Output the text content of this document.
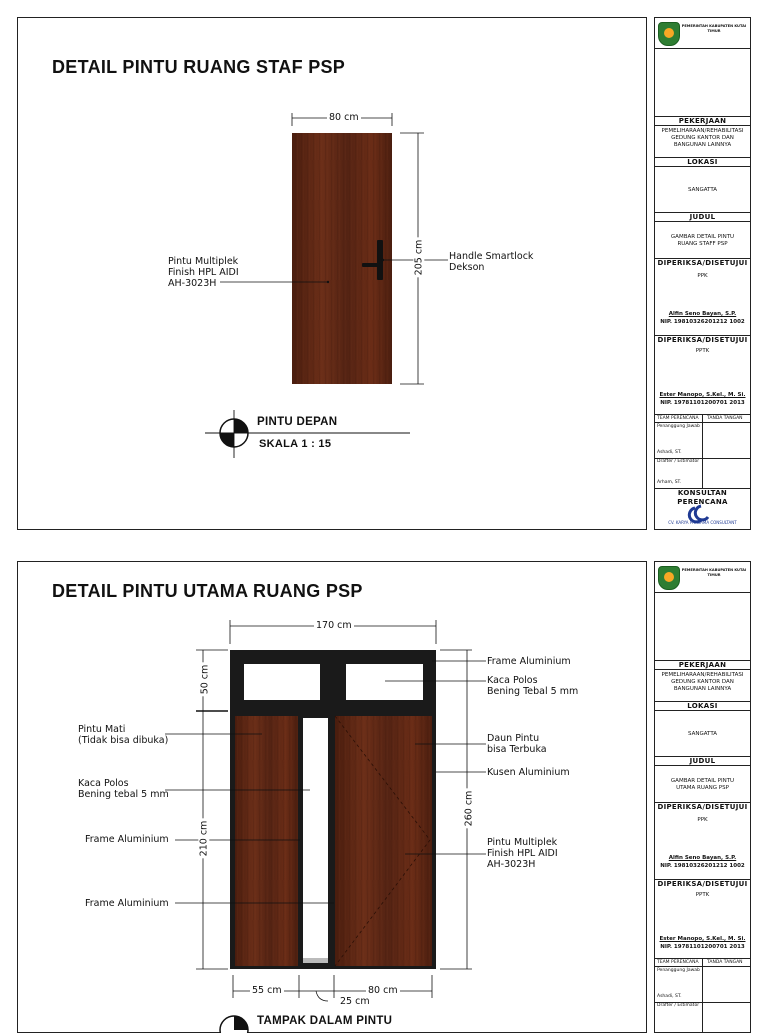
DETAIL PINTU RUANG STAF PSP
80 cm
205 cm
Pintu Multiplek
Finish HPL AIDI
AH-3023H
Handle Smartlock
Dekson
PINTU DEPAN
SKALA 1 : 15
PEMERINTAH KABUPATEN KUTAI TIMUR
PEKERJAAN
PEMELIHARAAN/REHABILITASI
GEDUNG KANTOR DAN
BANGUNAN LAINNYA
LOKASI
SANGATTA
JUDUL
GAMBAR DETAIL PINTU
RUANG STAFF PSP
DIPERIKSA/DISETUJUI
PPK
Alfin Seno Bayan, S.P.
NIP. 19810326201212 1002
DIPERIKSA/DISETUJUI
PPTK
Ester Manopo, S.Kel., M. Si.
NIP. 19781101200701 2013
TEAM PERENCANA TANDA TANGAN
Penanggung Jawab
Ashadi, ST.
Drafter / Estimator
Arham, ST.
KONSULTAN PERENCANA
CV. KARYA PRASAMA CONSULTANT
DETAIL PINTU UTAMA RUANG PSP
170 cm
50 cm
210 cm
260 cm
55 cm
25 cm
80 cm
Frame Aluminium
Kaca Polos
Bening Tebal 5 mm
Pintu Mati
(Tidak bisa dibuka)	Daun Pintu
bisa Terbuka
Kaca Polos
Bening tebal 5 mm
Kusen Aluminium
Frame Aluminium	Pintu Multiplek
Finish HPL AIDI
AH-3023H
Frame Aluminium
TAMPAK DALAM PINTU
PEMERINTAH KABUPATEN KUTAI TIMUR
PEKERJAAN
PEMELIHARAAN/REHABILITASI
GEDUNG KANTOR DAN
BANGUNAN LAINNYA
LOKASI
SANGATTA
JUDUL
GAMBAR DETAIL PINTU
UTAMA RUANG PSP
DIPERIKSA/DISETUJUI
PPK
Alfin Seno Bayan, S.P.
NIP. 19810326201212 1002
DIPERIKSA/DISETUJUI
PPTK
Ester Manopo, S.Kel., M. Si.
NIP. 19781101200701 2013
TEAM PERENCANA TANDA TANGAN
Penanggung Jawab
Ashadi, ST.
Drafter / Estimator
